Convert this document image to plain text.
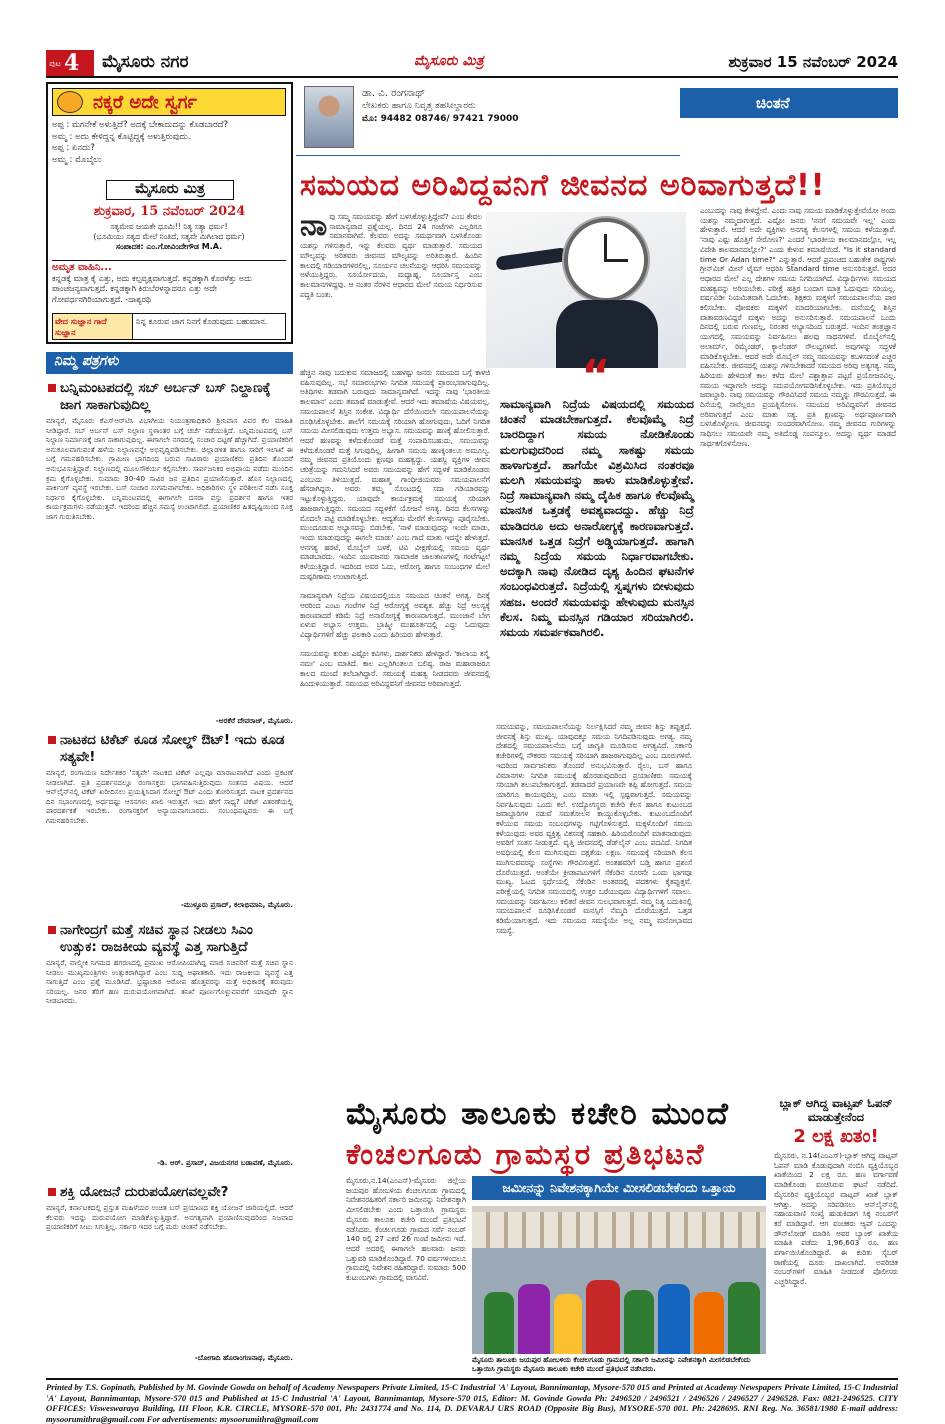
ಪುಟ 4 ಮೈಸೂರು ನಗರ	ಮೈಸೂರು ಮಿತ್ರ	ಶುಕ್ರವಾರ 15 ನವೆಂಬರ್ 2024
ನಕ್ಕರೆ ಅದೇ ಸ್ವರ್ಗ
ಅಪ್ಪ : ಮಗನೇಕೆ ಅಳುತ್ತಿದೆ? ಅದಕ್ಕೆ ಬೇಕಾದುದನ್ನು ಕೊಡಬಾರದೆ?
ಅಮ್ಮ : ಅದು ಕೇಳಿದ್ದನ್ನ ಕೊಟ್ಟಿದ್ದಕ್ಕೆ ಅಳುತ್ತಿರುವುದು.
ಅಪ್ಪ : ಏನದು?
ಅಮ್ಮ : ಮೊಬೈಲು
ಮೈಸೂರು ಮಿತ್ರ
ಶುಕ್ರವಾರ, 15 ನವೆಂಬರ್ 2024
ಸತ್ಯಮೇವ ಜಯತೇ ಧೂಮಿ!! ನಿತ್ಯ ಸತ್ಯಾ ಧರ್ಮ!
(ಭೂಮಿಯು ಸತ್ಯದ ಮೇಲೆ ನಿಂತಿದೆ, ಸತ್ಯವೇ ಮಿಗಿಲಾದ ಧರ್ಮ)
ಸಂಪಾದಕ: ಎಂ.ಗೋವಿಂದೇಗೌಡ M.A.
ಅಮೃತ ವಾಹಿನಿ...
ಕನ್ನಡಕ್ಕೆ ಮಾತ್ರ ಕೈ ಎತ್ತು, ಅದು ಕಲ್ಪವೃಕ್ಷವಾಗುತ್ತದೆ. ಕನ್ನಡಕ್ಕಾಗಿ ಕೊರಳೆತ್ತು ಅದು ಪಾಂಚಜನ್ಯವಾಗುತ್ತದೆ. ಕನ್ನಡಕ್ಕಾಗಿ ಕಿರುಬೆರಳನ್ನಾದರೂ ಎತ್ತು ಅದೇ ಗೋವರ್ಧನಗಿರಿಯಾಗುತ್ತದೆ. -ದಾಶ್ಯರಥಿ
ವೇದ ಸುಜ್ಞಾನ ಗಾದೆ ಸುಜ್ಞಾನ
ನಿನ್ನ ಕೂರುವ ಜಾಗ ನಿನಗೆ ಕೊಡುವುದು ಬಹುಮಾನ.
ನಿಮ್ಮ ಪತ್ರಗಳು
ಬನ್ನಿಮಂಟಪದಲ್ಲಿ ಸಬ್ ಅರ್ಬನ್ ಬಸ್ ನಿಲ್ದಾಣಕ್ಕೆ ಜಾಗ ಸಾಕಾಗುವುದಿಲ್ಲ
ಮಾನ್ಯರೆ, ಮೈಸೂರು ಕೆಎಸ್‌ಆರ್‌ಟಿಸಿ ವಿಭಾಗೀಯ ನಿಯಂತ್ರಣಾಧಿಕಾರಿ ಶ್ರೀನಿವಾಸ ವಿವರ ಕೆಲ ಮಾಹಿತಿ ನೀಡಿದ್ದಾರೆ. ಸಬ್ ಅರ್ಬನ್ ಬಸ್ ನಿಲ್ದಾಣ ಸ್ಥಳಾಂತರ ಬಗ್ಗೆ ಚರ್ಚೆ ನಡೆಯುತ್ತಿದೆ. ಬನ್ನಿಮಂಟಪದಲ್ಲಿ ಬಸ್ ನಿಲ್ದಾಣ ನಿರ್ಮಾಣಕ್ಕೆ ಜಾಗ ಸಾಕಾಗುವುದಿಲ್ಲ. ಈಗಾಗಲೇ ನಗರದಲ್ಲಿ ಸಂಚಾರ ದಟ್ಟಣೆ ಹೆಚ್ಚಾಗಿದೆ. ಪ್ರಯಾಣಿಕರಿಗೆ ಅನುಕೂಲವಾಗುವಂತೆ ಹಳೆಯ ನಿಲ್ದಾಣವನ್ನೇ ಅಭಿವೃದ್ಧಿಪಡಿಸಬೇಕು. ಜಿಲ್ಲಾಡಳಿತ ಹಾಗೂ ಸಾರಿಗೆ ಇಲಾಖೆ ಈ ಬಗ್ಗೆ ಗಮನಹರಿಸಬೇಕು. ಗ್ರಾಮೀಣ ಭಾಗದಿಂದ ಬರುವ ಸಾವಿರಾರು ಪ್ರಯಾಣಿಕರು ಪ್ರತಿದಿನ ತೊಂದರೆ ಅನುಭವಿಸುತ್ತಿದ್ದಾರೆ. ನಿಲ್ದಾಣದಲ್ಲಿ ಮೂಲಸೌಕರ್ಯ ಕಲ್ಪಿಸಬೇಕು. ಸಾರ್ವಜನಿಕರ ಅಭಿಪ್ರಾಯ ಪಡೆದು ಮುಂದಿನ ಕ್ರಮ ಕೈಗೊಳ್ಳಬೇಕು. ಸುಮಾರು 30-40 ಸಾವಿರ ಜನ ಪ್ರತಿದಿನ ಪ್ರಯಾಣಿಸುತ್ತಾರೆ. ಹೊಸ ನಿಲ್ದಾಣದಲ್ಲಿ ಪಾರ್ಕಿಂಗ್ ವ್ಯವಸ್ಥೆ ಇರಬೇಕು. ಬಸ್ ಸಂಚಾರ ಸುಗಮವಾಗಬೇಕು. ಅಧಿಕಾರಿಗಳು ಸ್ಥಳ ಪರಿಶೀಲನೆ ನಡೆಸಿ ಸೂಕ್ತ ನಿರ್ಧಾರ ಕೈಗೊಳ್ಳಬೇಕು. ಬನ್ನಿಮಂಟಪದಲ್ಲಿ ಈಗಾಗಲೇ ದಸರಾ ವಸ್ತು ಪ್ರದರ್ಶನ ಹಾಗೂ ಇತರ ಕಾರ್ಯಕ್ರಮಗಳು ನಡೆಯುತ್ತವೆ. ಇದರಿಂದ ಹೆಚ್ಚಿನ ಸಮಸ್ಯೆ ಉಂಟಾಗಲಿದೆ. ಪ್ರಯಾಣಿಕರ ಹಿತದೃಷ್ಟಿಯಿಂದ ಸೂಕ್ತ ಜಾಗ ಗುರುತಿಸಬೇಕು.
-ಅರಕೆರೆ ದೇವರಾಜ್, ಮೈಸೂರು.
ನಾಟಕದ ಟಿಕೆಟ್ ಕೂಡ ಸೋಲ್ಡ್ ಔಟ್! ಇದು ಕೂಡ ಸತ್ಯವೇ!
ಮಾನ್ಯರೆ, ರಂಗಾಯಣ ನಿರ್ದೇಶಕರ 'ಸತ್ಯವೇ' ನಾಟಕದ ಟಿಕೆಟ್ ಎಲ್ಲವೂ ಮಾರಾಟವಾಗಿದೆ ಎಂದು ಪ್ರಕಟಣೆ ನೀಡಲಾಗಿದೆ. ಪ್ರತಿ ಪ್ರದರ್ಶನದಲ್ಲೂ ರಂಗಾಸಕ್ತರು ಭಾಗವಹಿಸುತ್ತಿರುವುದು ಸಂತಸದ ವಿಷಯ. ಆದರೆ ಆನ್‌ಲೈನ್‌ನಲ್ಲಿ ಟಿಕೆಟ್ ಖರೀದಿಸಲು ಪ್ರಯತ್ನಿಸಿದಾಗ ಸೋಲ್ಡ್ ಔಟ್ ಎಂದು ತೋರಿಸುತ್ತದೆ. ನಾಟಕ ಪ್ರದರ್ಶನದ ದಿನ ಸಭಾಂಗಣದಲ್ಲಿ ಅರ್ಧದಷ್ಟು ಆಸನಗಳು ಖಾಲಿ ಇರುತ್ತವೆ. ಇದು ಹೇಗೆ ಸಾಧ್ಯ? ಟಿಕೆಟ್ ವಿತರಣೆಯಲ್ಲಿ ಪಾರದರ್ಶಕತೆ ಇರಬೇಕು. ರಂಗಾಸಕ್ತರಿಗೆ ಅನ್ಯಾಯವಾಗಬಾರದು. ಸಂಬಂಧಪಟ್ಟವರು ಈ ಬಗ್ಗೆ ಗಮನಹರಿಸಬೇಕು.
-ಮುಳ್ಳೂರು ಪ್ರಸಾದ್, ಕಲಾಭಿಮಾನಿ, ಮೈಸೂರು.
ನಾಗೇಂದ್ರಗೆ ಮತ್ತೆ ಸಚಿವ ಸ್ಥಾನ ನೀಡಲು ಸಿಎಂ ಉತ್ಸುಕ: ರಾಜಕೀಯ ವ್ಯವಸ್ಥೆ ಎತ್ತ ಸಾಗುತ್ತಿದೆ
ಮಾನ್ಯರೆ, ವಾಲ್ಮೀಕಿ ನಿಗಮದ ಹಗರಣದಲ್ಲಿ ಪ್ರಮುಖ ಆರೋಪಿಯಾಗಿದ್ದ ಮಾಜಿ ಸಚಿವರಿಗೆ ಮತ್ತೆ ಸಚಿವ ಸ್ಥಾನ ನೀಡಲು ಮುಖ್ಯಮಂತ್ರಿಗಳು ಉತ್ಸುಕರಾಗಿದ್ದಾರೆ ಎಂಬ ಸುದ್ದಿ ಆಘಾತಕಾರಿ. ಇದು ರಾಜಕೀಯ ವ್ಯವಸ್ಥೆ ಎತ್ತ ಸಾಗುತ್ತಿದೆ ಎಂಬ ಪ್ರಶ್ನೆ ಮೂಡಿಸಿದೆ. ಭ್ರಷ್ಟಾಚಾರ ಆರೋಪ ಹೊತ್ತವರನ್ನು ಮತ್ತೆ ಅಧಿಕಾರಕ್ಕೆ ತರುವುದು ಸರಿಯಲ್ಲ. ಜನರ ತೆರಿಗೆ ಹಣ ದುರುಪಯೋಗವಾಗಿದೆ. ತನಿಖೆ ಪೂರ್ಣಗೊಳ್ಳುವವರೆಗೆ ಯಾವುದೇ ಸ್ಥಾನ ನೀಡಬಾರದು.
-ಡಿ. ಆರ್. ಪ್ರಸಾದ್, ವಿಜಯನಗರ ಬಡಾವಣೆ, ಮೈಸೂರು.
ಶಕ್ತಿ ಯೋಜನೆ ದುರುಪಯೋಗವಲ್ಲವೇ?
ಮಾನ್ಯರೆ, ಕರ್ನಾಟಕದಲ್ಲಿ ಪ್ರಸ್ತುತ ಮಹಿಳೆಯರ ಉಚಿತ ಬಸ್ ಪ್ರಯಾಣದ ಶಕ್ತಿ ಯೋಜನೆ ಜಾರಿಯಲ್ಲಿದೆ. ಆದರೆ ಕೆಲವರು ಇದನ್ನು ದುರುಪಯೋಗ ಮಾಡಿಕೊಳ್ಳುತ್ತಿದ್ದಾರೆ. ಅನಗತ್ಯವಾಗಿ ಪ್ರಯಾಣಿಸುವುದರಿಂದ ನಿಜವಾದ ಪ್ರಯಾಣಿಕರಿಗೆ ಸೀಟು ಸಿಗುತ್ತಿಲ್ಲ. ಸರ್ಕಾರ ಇದರ ಬಗ್ಗೆ ಮರು ಚಿಂತನೆ ನಡೆಸಬೇಕು.
-ಬೋಗಾದಿ ಹೊರಾಂಗಣನಾಥ, ಮೈಸೂರು.
ಡಾ. ವಿ. ರಂಗನಾಥ್
ಲೇಖಕರು ಹಾಗೂ ನಿವೃತ್ತ ತಹಸೀಲ್ದಾರರು
ಮೊ: 94482 08746/ 97421 79000
ಚಿಂತನೆ
ಸಮಯದ ಅರಿವಿದ್ದವನಿಗೆ ಜೀವನದ ಅರಿವಾಗುತ್ತದೆ!!
ನಾವು ಸಮ್ಮ ಸಮಯವನ್ನು ಹೇಗೆ ಬಳಸಿಕೊಳ್ಳುತ್ತಿದ್ದೇವೆ? ಎಂಬ ಕೇವಲ ಸಾಮಾನ್ಯವಾದ ಪ್ರಶ್ನೆಯಲ್ಲ. ದಿನದ 24 ಗಂಟೆಗಳು ಎಲ್ಲರಿಗೂ ಸಮಾನವಾಗಿವೆ. ಕೆಲವರು ಅದನ್ನು ಸಮರ್ಥವಾಗಿ ಬಳಸಿಕೊಂಡು ಯಶಸ್ಸು ಗಳಿಸುತ್ತಾರೆ, ಇನ್ನು ಕೆಲವರು ವ್ಯರ್ಥ ಮಾಡುತ್ತಾರೆ. ಸಮಯದ ಮೌಲ್ಯವನ್ನು ಅರಿತವರು ಜೀವನದ ಮೌಲ್ಯವನ್ನು ಅರಿತಿರುತ್ತಾರೆ. ಹಿಂದಿನ ಕಾಲದಲ್ಲಿ ಗಡಿಯಾರಗಳಿರಲಿಲ್ಲ, ಸೂರ್ಯನ ಚಲನೆಯನ್ನು ಆಧರಿಸಿ ಸಮಯವನ್ನು ಅಳೆಯುತ್ತಿದ್ದರು. ಸೂರ್ಯೋದಯ, ಮಧ್ಯಾಹ್ನ, ಸೂರ್ಯಾಸ್ತ ಎಂಬ ಕಾಲಮಾನಗಳಿದ್ದವು. ಆ ನಂತರ ನೆರಳಿನ ಆಧಾರದ ಮೇಲೆ ಸಮಯ ನಿರ್ಧರಿಸುವ ಪದ್ಧತಿ ಬಂತು.
ಹೆಚ್ಚಿನ ನಾವು ಬದುಕುವ ಸಮಾಜದಲ್ಲಿ ಬಹಳಷ್ಟು ಜನರು ಸಮಯದ ಬಗ್ಗೆ ಕಾಳಜಿ ವಹಿಸುವುದಿಲ್ಲ. ಸಭೆ ಸಮಾರಂಭಗಳು ನಿಗದಿತ ಸಮಯಕ್ಕೆ ಪ್ರಾರಂಭವಾಗುವುದಿಲ್ಲ. ಅತಿಥಿಗಳು ತಡವಾಗಿ ಬರುವುದು ಸಾಮಾನ್ಯವಾಗಿದೆ. ಇದನ್ನು ನಾವು 'ಭಾರತೀಯ ಕಾಲಮಾನ' ಎಂದು ತಮಾಷೆ ಮಾಡುತ್ತೇವೆ. ಆದರೆ ಇದು ತಮಾಷೆಯ ವಿಷಯವಲ್ಲ. ಸಮಯಪಾಲನೆ ಶಿಸ್ತಿನ ಸಂಕೇತ. ವಿದ್ಯಾರ್ಥಿ ದೆಸೆಯಿಂದಲೇ ಸಮಯಪಾಲನೆಯನ್ನು ರೂಢಿಸಿಕೊಳ್ಳಬೇಕು. ಶಾಲೆಗೆ ಸಮಯಕ್ಕೆ ಸರಿಯಾಗಿ ಹೋಗುವುದು, ಓದಿಗೆ ನಿಗದಿತ ಸಮಯ ಮೀಸಲಿಡುವುದು ಉತ್ತಮ ಅಭ್ಯಾಸ. ಸಮಯವನ್ನು ಹಣಕ್ಕೆ ಹೋಲಿಸುತ್ತಾರೆ. ಆದರೆ ಹಣವನ್ನು ಕಳೆದುಕೊಂಡರೆ ಮತ್ತೆ ಸಂಪಾದಿಸಬಹುದು, ಸಮಯವನ್ನು ಕಳೆದುಕೊಂಡರೆ ಮತ್ತೆ ಸಿಗುವುದಿಲ್ಲ. ಹೀಗಾಗಿ ಸಮಯ ಹಣಕ್ಕಿಂತಲೂ ಅಮೂಲ್ಯ. ನಮ್ಮ ಜೀವನದ ಪ್ರತಿಯೊಂದು ಕ್ಷಣವೂ ಮಹತ್ವದ್ದು. ಯಶಸ್ವಿ ವ್ಯಕ್ತಿಗಳ ಜೀವನ ಚರಿತ್ರೆಯನ್ನು ಗಮನಿಸಿದರೆ ಅವರು ಸಮಯವನ್ನು ಹೇಗೆ ಸದ್ಬಳಕೆ ಮಾಡಿಕೊಂಡರು ಎಂಬುದು ತಿಳಿಯುತ್ತದೆ. ಮಹಾತ್ಮ ಗಾಂಧೀಜಿಯವರು ಸಮಯಪಾಲನೆಗೆ ಹೆಸರಾಗಿದ್ದರು. ಅವರು ತಮ್ಮ ಸೊಂಟದಲ್ಲಿ ಸದಾ ಗಡಿಯಾರವನ್ನು ಇಟ್ಟುಕೊಳ್ಳುತ್ತಿದ್ದರು. ಯಾವುದೇ ಕಾರ್ಯಕ್ರಮಕ್ಕೆ ಸಮಯಕ್ಕೆ ಸರಿಯಾಗಿ ಹಾಜರಾಗುತ್ತಿದ್ದರು. ಸಮಯದ ಸದ್ಬಳಕೆಗೆ ಯೋಜನೆ ಅಗತ್ಯ. ದಿನದ ಕೆಲಸಗಳನ್ನು ಮೊದಲೇ ಪಟ್ಟಿ ಮಾಡಿಕೊಳ್ಳಬೇಕು. ಆದ್ಯತೆಯ ಮೇರೆಗೆ ಕೆಲಸಗಳನ್ನು ಪೂರೈಸಬೇಕು. ಮುಂದೂಡುವ ಅಭ್ಯಾಸವನ್ನು ಬಿಡಬೇಕು. 'ನಾಳೆ ಮಾಡುವುದನ್ನು ಇಂದೇ ಮಾಡು, ಇಂದು ಮಾಡುವುದನ್ನು ಈಗಲೇ ಮಾಡು' ಎಂಬ ಗಾದೆ ಮಾತು ಇದನ್ನೇ ಹೇಳುತ್ತದೆ. ಅನಗತ್ಯ ಹರಟೆ, ಮೊಬೈಲ್ ಬಳಕೆ, ಟಿವಿ ವೀಕ್ಷಣೆಯಲ್ಲಿ ಸಮಯ ವ್ಯರ್ಥ ಮಾಡಬಾರದು. ಇಂದಿನ ಯುವಜನರು ಸಾಮಾಜಿಕ ಜಾಲತಾಣಗಳಲ್ಲಿ ಗಂಟೆಗಟ್ಟಲೆ ಕಳೆಯುತ್ತಿದ್ದಾರೆ. ಇದರಿಂದ ಅವರ ಓದು, ಆರೋಗ್ಯ ಹಾಗೂ ಸಂಬಂಧಗಳ ಮೇಲೆ ದುಷ್ಪರಿಣಾಮ ಉಂಟಾಗುತ್ತಿದೆ.

ಸಾಮಾನ್ಯವಾಗಿ ನಿದ್ರೆಯ ವಿಷಯದಲ್ಲಿಯೂ ಸಮಯದ ಚಿಂತನೆ ಅಗತ್ಯ. ದಿನಕ್ಕೆ ಆರರಿಂದ ಎಂಟು ಗಂಟೆಗಳ ನಿದ್ರೆ ಆರೋಗ್ಯಕ್ಕೆ ಅವಶ್ಯಕ. ಹೆಚ್ಚು ನಿದ್ರೆ ಆಲಸ್ಯಕ್ಕೆ ಕಾರಣವಾದರೆ ಕಡಿಮೆ ನಿದ್ರೆ ಅನಾರೋಗ್ಯಕ್ಕೆ ಕಾರಣವಾಗುತ್ತದೆ. ಮುಂಜಾನೆ ಬೇಗ ಏಳುವ ಅಭ್ಯಾಸ ಉತ್ತಮ. ಬ್ರಾಹ್ಮೀ ಮುಹೂರ್ತದಲ್ಲಿ ಎದ್ದು ಓದುವುದು ವಿದ್ಯಾರ್ಥಿಗಳಿಗೆ ಹೆಚ್ಚು ಫಲಕಾರಿ ಎಂದು ಹಿರಿಯರು ಹೇಳುತ್ತಾರೆ.

ಸಮಯವನ್ನು ಕುರಿತು ಎಷ್ಟೋ ಕವಿಗಳು, ದಾರ್ಶನಿಕರು ಹೇಳಿದ್ದಾರೆ. 'ಕಾಲಾಯ ತಸ್ಮೈ ನಮಃ' ಎಂಬ ಮಾತಿದೆ. ಕಾಲ ಎಲ್ಲರಿಗಿಂತಲೂ ಬಲಿಷ್ಠ. ರಾಜ ಮಹಾರಾಜರೂ ಕಾಲದ ಮುಂದೆ ತಲೆಬಾಗಿದ್ದಾರೆ. ಸಮಯಕ್ಕೆ ಮಹತ್ವ ನೀಡದವರು ಜೀವನದಲ್ಲಿ ಹಿಂದುಳಿಯುತ್ತಾರೆ. ಸಮಯದ ಅರಿವಿದ್ದವನಿಗೆ ಜೀವನದ ಅರಿವಾಗುತ್ತದೆ.
“
ಸಾಮಾನ್ಯವಾಗಿ ನಿದ್ರೆಯ ವಿಷಯದಲ್ಲಿ ಸಮಯದ ಚಿಂತನೆ ಮಾಡಬೇಕಾಗುತ್ತದೆ. ಕೆಲವೊಮ್ಮೆ ನಿದ್ರೆ ಬಾರದಿದ್ದಾಗ ಸಮಯ ನೋಡಿಕೊಂಡು ಮಲಗುವುದರಿಂದ ನಮ್ಮ ಸಾಕಷ್ಟು ಸಮಯ ಹಾಳಾಗುತ್ತದೆ. ಹಾಗೆಯೇ ವಿಶ್ರಮಿಸಿದ ನಂತರವೂ ಮಲಗಿ ಸಮಯವನ್ನು ಹಾಳು ಮಾಡಿಕೊಳ್ಳುತ್ತೇವೆ. ನಿದ್ರೆ ಸಾಮಾನ್ಯವಾಗಿ ನಮ್ಮ ದೈಹಿಕ ಹಾಗೂ ಕೆಲವೊಮ್ಮೆ ಮಾನಸಿಕ ಒತ್ತಡಕ್ಕೆ ಅವಶ್ಯವಾದದ್ದು. ಹೆಚ್ಚು ನಿದ್ರೆ ಮಾಡಿದರೂ ಅದು ಅನಾರೋಗ್ಯಕ್ಕೆ ಕಾರಣವಾಗುತ್ತದೆ. ಮಾನಸಿಕ ಒತ್ತಡ ನಿದ್ರೆಗೆ ಅಡ್ಡಿಯಾಗುತ್ತದೆ. ಹಾಗಾಗಿ ನಮ್ಮ ನಿದ್ರೆಯ ಸಮಯ ನಿರ್ಧಾರವಾಗಬೇಕು. ಅದಕ್ಕಾಗಿ ನಾವು ನೋಡಿದ ದೃಶ್ಯ ಹಿಂದಿನ ಘಟನೆಗಳ ಸಂಬಂಧವಿರುತ್ತದೆ. ನಿದ್ರೆಯಲ್ಲಿ ಸ್ವಪ್ನಗಳು ಬೀಳುವುದು ಸಹಜ. ಅಂದರೆ ಸಮಯವನ್ನು ಹೇಳುವುದು ಮನಸ್ಸಿನ ಕೆಲಸ. ನಿಮ್ಮ ಮನಸ್ಸಿನ ಗಡಿಯಾರ ಸರಿಯಾಗಿರಲಿ. ಸಮಯ ಸಮರ್ಪಕವಾಗಿರಲಿ.
ಸಮಯವನ್ನು, ಸಮಯಪಾಲನೆಯನ್ನು ನಿರ್ಲಕ್ಷಿಸಿದರೆ ನಮ್ಮ ಜೀವನ ಶಿಸ್ತು ತಪ್ಪುತ್ತದೆ. ಜೀವನಕ್ಕೆ ಶಿಸ್ತು ಮುಖ್ಯ. ಯಾವುದಕ್ಕೂ ಸಮಯ ನಿಗದಿಪಡಿಸುವುದು ಅಗತ್ಯ. ನಮ್ಮ ದೇಶದಲ್ಲಿ ಸಮಯಪಾಲನೆಯ ಬಗ್ಗೆ ಜಾಗೃತಿ ಮೂಡಿಸುವ ಅಗತ್ಯವಿದೆ. ಸರ್ಕಾರಿ ಕಚೇರಿಗಳಲ್ಲಿ ನೌಕರರು ಸಮಯಕ್ಕೆ ಸರಿಯಾಗಿ ಹಾಜರಾಗುವುದಿಲ್ಲ ಎಂಬ ದೂರುಗಳಿವೆ. ಇದರಿಂದ ಸಾರ್ವಜನಿಕರು ತೊಂದರೆ ಅನುಭವಿಸುತ್ತಾರೆ. ರೈಲು, ಬಸ್ ಹಾಗೂ ವಿಮಾನಗಳು ನಿಗದಿತ ಸಮಯಕ್ಕೆ ಹೊರಡುವುದರಿಂದ ಪ್ರಯಾಣಿಕರು ಸಮಯಕ್ಕೆ ಸರಿಯಾಗಿ ತಲುಪಬೇಕಾಗುತ್ತದೆ. ತಡವಾದರೆ ಪ್ರಯಾಣವೇ ತಪ್ಪಿ ಹೋಗುತ್ತದೆ. ಸಮಯ ಯಾರಿಗೂ ಕಾಯುವುದಿಲ್ಲ ಎಂಬ ಮಾತು ಇಲ್ಲಿ ಸ್ಪಷ್ಟವಾಗುತ್ತದೆ. ಸಮಯವನ್ನು ನಿರ್ವಹಿಸುವುದು ಒಂದು ಕಲೆ. ಉದ್ಯೋಗಸ್ಥರು ಕಚೇರಿ ಕೆಲಸ ಹಾಗೂ ಕುಟುಂಬದ ಜವಾಬ್ದಾರಿಗಳ ನಡುವೆ ಸಮತೋಲನ ಕಾಯ್ದುಕೊಳ್ಳಬೇಕು. ಕುಟುಂಬದೊಂದಿಗೆ ಕಳೆಯುವ ಸಮಯ ಸಂಬಂಧಗಳನ್ನು ಗಟ್ಟಿಗೊಳಿಸುತ್ತದೆ. ಮಕ್ಕಳೊಂದಿಗೆ ಸಮಯ ಕಳೆಯುವುದು ಅವರ ವ್ಯಕ್ತಿತ್ವ ವಿಕಸನಕ್ಕೆ ಸಹಕಾರಿ. ಹಿರಿಯರೊಂದಿಗೆ ಮಾತನಾಡುವುದು ಅವರಿಗೆ ಸಂತಸ ನೀಡುತ್ತದೆ. ವೃತ್ತಿ ಜೀವನದಲ್ಲಿ ಡೆಡ್‌ಲೈನ್ ಎಂಬ ಪದವಿದೆ. ನಿಗದಿತ ಅವಧಿಯಲ್ಲಿ ಕೆಲಸ ಮುಗಿಸುವುದು ದಕ್ಷತೆಯ ಲಕ್ಷಣ. ಸಮಯಕ್ಕೆ ಸರಿಯಾಗಿ ಕೆಲಸ ಮುಗಿಸುವವರನ್ನು ಸಂಸ್ಥೆಗಳು ಗೌರವಿಸುತ್ತವೆ. ಅಂತಹವರಿಗೆ ಬಡ್ತಿ ಹಾಗೂ ಪ್ರಶಂಸೆ ದೊರೆಯುತ್ತದೆ. ಅಂತೆಯೇ ಕ್ರೀಡಾಪಟುಗಳಿಗೆ ಸೆಕೆಂಡಿನ ನೂರನೇ ಒಂದು ಭಾಗವೂ ಮುಖ್ಯ. ಓಟದ ಸ್ಪರ್ಧೆಯಲ್ಲಿ ಸೆಕೆಂಡಿನ ಅಂತರದಲ್ಲಿ ಪದಕಗಳು ಕೈತಪ್ಪುತ್ತವೆ. ಪರೀಕ್ಷೆಯಲ್ಲಿ ನಿಗದಿತ ಸಮಯದಲ್ಲಿ ಉತ್ತರ ಬರೆಯುವುದು ವಿದ್ಯಾರ್ಥಿಗಳಿಗೆ ಸವಾಲು. ಸಮಯವನ್ನು ನಿರ್ವಹಿಸಲು ಕಲಿತರೆ ಜೀವನ ಸುಲಭವಾಗುತ್ತದೆ. ನಮ್ಮ ನಿತ್ಯ ಬದುಕಿನಲ್ಲಿ ಸಮಯಪಾಲನೆ ರೂಢಿಸಿಕೊಂಡರೆ ಮನಸ್ಸಿಗೆ ನೆಮ್ಮದಿ ದೊರೆಯುತ್ತದೆ. ಒತ್ತಡ ಕಡಿಮೆಯಾಗುತ್ತದೆ. ಇದು ಸಮಯದ ಸಮಸ್ಯೆಯೇ ಅಲ್ಲ ನಮ್ಮ ಮನೋಭಾವದ ಸಮಸ್ಯೆ.
ಎಂಬುದನ್ನು ನಾವು ಕೇಳಿದ್ದೇವೆ. ಎಂದು ನಾವು ಸಮಯ ಮಾಡಿಕೊಳ್ಳುತ್ತೇವೆಯೋ ಅಂದು ಯಶಸ್ಸು ನಮ್ಮದಾಗುತ್ತದೆ. ಎಷ್ಟೋ ಜನರು 'ನನಗೆ ಸಮಯವೇ ಇಲ್ಲ' ಎಂದು ಹೇಳುತ್ತಾರೆ. ಆದರೆ ಅದೇ ವ್ಯಕ್ತಿಗಳು ಅನಗತ್ಯ ಕೆಲಸಗಳಲ್ಲಿ ಸಮಯ ಕಳೆಯುತ್ತಾರೆ. 'ನಾವು ಎಷ್ಟು ಹೊತ್ತಿಗೆ ಸೇರೋಣ?' ಎಂದರೆ 'ಭಾರತೀಯ ಕಾಲಮಾನದಲ್ಲೋ, ಇಲ್ಲ ವಿದೇಶಿ ಕಾಲಮಾನದಲ್ಲೋ?' ಎಂದು ಕೇಳುವ ತಮಾಷೆಯಿದೆ. "Is it standard time Or Adan time?" ಎನ್ನುತ್ತಾರೆ. ಆದರೆ ಪ್ರಪಂಚದ ಬಹುತೇಕ ರಾಷ್ಟ್ರಗಳು ಗ್ರೀನ್‌ವಿಚ್ ಮೀನ್ ಟೈಮ್ ಆಧರಿಸಿ Standard time ಅನುಸರಿಸುತ್ತವೆ. ಅದರ ಆಧಾರದ ಮೇಲೆ ಎಲ್ಲ ದೇಶಗಳ ಸಮಯ ನಿಗದಿಯಾಗಿದೆ. ವಿದ್ಯಾರ್ಥಿಗಳು ಸಮಯದ ಮಹತ್ವವನ್ನು ಅರಿಯಬೇಕು. ಪರೀಕ್ಷೆ ಹತ್ತಿರ ಬಂದಾಗ ಮಾತ್ರ ಓದುವುದು ಸರಿಯಲ್ಲ. ವರ್ಷವಿಡೀ ನಿಯಮಿತವಾಗಿ ಓದಬೇಕು. ಶಿಕ್ಷಕರು ಮಕ್ಕಳಿಗೆ ಸಮಯಪಾಲನೆಯ ಪಾಠ ಕಲಿಸಬೇಕು. ಪೋಷಕರು ಮಕ್ಕಳಿಗೆ ಮಾದರಿಯಾಗಬೇಕು. ಮನೆಯಲ್ಲಿ ಶಿಸ್ತಿನ ವಾತಾವರಣವಿದ್ದರೆ ಮಕ್ಕಳು ಅದನ್ನು ಅನುಸರಿಸುತ್ತಾರೆ. ಸಮಯಪಾಲನೆ ಒಂದು ದಿನದಲ್ಲಿ ಬರುವ ಗುಣವಲ್ಲ, ನಿರಂತರ ಅಭ್ಯಾಸದಿಂದ ಬರುತ್ತದೆ. ಇಂದಿನ ತಂತ್ರಜ್ಞಾನ ಯುಗದಲ್ಲಿ ಸಮಯವನ್ನು ನಿರ್ವಹಿಸಲು ಹಲವು ಸಾಧನಗಳಿವೆ. ಮೊಬೈಲ್‌ನಲ್ಲಿ ಅಲಾರ್ಮ್, ರಿಮೈಂಡರ್, ಕ್ಯಾಲೆಂಡರ್ ಸೌಲಭ್ಯಗಳಿವೆ. ಅವುಗಳನ್ನು ಸದ್ಬಳಕೆ ಮಾಡಿಕೊಳ್ಳಬೇಕು. ಆದರೆ ಅದೇ ಮೊಬೈಲ್ ನಮ್ಮ ಸಮಯವನ್ನು ಕಬಳಿಸದಂತೆ ಎಚ್ಚರ ವಹಿಸಬೇಕು. ಜೀವನದಲ್ಲಿ ಯಶಸ್ಸು ಗಳಿಸಬೇಕಾದರೆ ಸಮಯದ ಅರಿವು ಅತ್ಯಗತ್ಯ. ನಮ್ಮ ಹಿರಿಯರು ಹೇಳಿದಂತೆ ಕಾಲ ಕಳೆದ ಮೇಲೆ ಪಶ್ಚಾತ್ತಾಪ ಪಟ್ಟರೆ ಪ್ರಯೋಜನವಿಲ್ಲ. ಸಮಯ ಇದ್ದಾಗಲೇ ಅದನ್ನು ಸದುಪಯೋಗಪಡಿಸಿಕೊಳ್ಳಬೇಕು. ಇದು ಪ್ರತಿಯೊಬ್ಬರ ಜವಾಬ್ದಾರಿ. ನಾವು ಸಮಯವನ್ನು ಗೌರವಿಸಿದರೆ ಸಮಯ ನಮ್ಮನ್ನು ಗೌರವಿಸುತ್ತದೆ. ಈ ದಿಸೆಯಲ್ಲಿ ನಾವೆಲ್ಲರೂ ಪ್ರಯತ್ನಿಸೋಣ. ಸಮಯದ ಅರಿವಿದ್ದವನಿಗೆ ಜೀವನದ ಅರಿವಾಗುತ್ತದೆ ಎಂಬ ಮಾತು ಸತ್ಯ. ಪ್ರತಿ ಕ್ಷಣವನ್ನು ಅರ್ಥಪೂರ್ಣವಾಗಿ ಬಳಸಿಕೊಳ್ಳೋಣ. ಜೀವನವನ್ನು ಸುಂದರವಾಗಿಸೋಣ. ನಮ್ಮ ಜೀವನದ ಗುರಿಗಳನ್ನು ಸಾಧಿಸಲು ಸಮಯವೇ ನಮ್ಮ ಅತಿದೊಡ್ಡ ಸಂಪನ್ಮೂಲ. ಅದನ್ನು ವ್ಯರ್ಥ ಮಾಡದೆ ಸಾರ್ಥಕಗೊಳಿಸೋಣ.
ಮೈಸೂರು ತಾಲೂಕು ಕಚೇರಿ ಮುಂದೆ
ಕೆಂಚಲಗೂಡು ಗ್ರಾಮಸ್ಥರ ಪ್ರತಿಭಟನೆ
ಮೈಸೂರು,ನ.14(ಎಂಎಸ್)-ಮೈಸೂರು ಜಿಲ್ಲೆಯ ಜಯಪುರ ಹೋಬಳಿಯ ಕೆಂಚಲಗೂಡು ಗ್ರಾಮದಲ್ಲಿ ನಿವೇಶನರಹಿತರಿಗೆ ಸರ್ಕಾರಿ ಜಮೀನನ್ನು ನಿವೇಶನಕ್ಕಾಗಿ ಮೀಸಲಿಡಬೇಕು ಎಂದು ಒತ್ತಾಯಿಸಿ ಗ್ರಾಮಸ್ಥರು ಮೈಸೂರು ತಾಲೂಕು ಕಚೇರಿ ಮುಂದೆ ಪ್ರತಿಭಟನೆ ನಡೆಸಿದರು. ಕೆಂಚಲಗೂಡು ಗ್ರಾಮದ ಸರ್ವೆ ನಂಬರ್ 140 ರಲ್ಲಿ 27 ಎಕರೆ 26 ಗುಂಟೆ ಜಮೀನು ಇದೆ. ಆದರೆ ಅದರಲ್ಲಿ ಈಗಾಗಲೇ ಹಲವಾರು ಜನರು ಒತ್ತುವರಿ ಮಾಡಿಕೊಂಡಿದ್ದಾರೆ. 70 ವರ್ಷಗಳಿಂದಲೂ ಗ್ರಾಮದಲ್ಲಿ ನಿವೇಶನ ರಹಿತರಿದ್ದಾರೆ. ಸುಮಾರು 500 ಕುಟುಂಬಗಳು ಗ್ರಾಮದಲ್ಲಿ ವಾಸವಿವೆ.
ಜಮೀನನ್ನು ನಿವೇಶನಕ್ಕಾಗಿಯೇ ಮೀಸಲಿಡಬೇಕೆಂದು ಒತ್ತಾಯ
ಮೈಸೂರು ತಾಲೂಕು ಜಯಪುರ ಹೋಬಳಿಯ ಕೆಂಚಲಗೂಡು ಗ್ರಾಮದಲ್ಲಿ ಸರ್ಕಾರಿ ಜಮೀನನ್ನು ನಿವೇಶನಕ್ಕಾಗಿ ಮೀಸಲಿಡಬೇಕೆಂದು ಒತ್ತಾಯಿಸಿ ಗ್ರಾಮಸ್ಥರು ಮೈಸೂರು ತಾಲೂಕು ಕಚೇರಿ ಮುಂದೆ ಪ್ರತಿಭಟನೆ ನಡೆಸಿದರು.
ಬ್ಲಾಕ್ ಆಗಿದ್ದ ವಾಟ್ಸಪ್ ಓಪನ್ ಮಾಡುತ್ತೇನೆಂದ
2 ಲಕ್ಷ ಖತಂ!
ಮೈಸೂರು, ನ.14(ಎಂಎಸ್)-ಬ್ಲಾಕ್ ಆಗಿದ್ದ ವಾಟ್ಸಪ್ ಓಪನ್ ಮಾಡಿ ಕೊಡುವುದಾಗಿ ನಂಬಿಸಿ ವ್ಯಕ್ತಿಯೊಬ್ಬರ ಖಾತೆಯಿಂದ 2 ಲಕ್ಷ ರೂ. ಹಣ ವರ್ಗಾವಣೆ ಮಾಡಿಕೊಂಡು ವಂಚಿಸಿರುವ ಘಟನೆ ನಡೆದಿದೆ. ಮೈಸೂರಿನ ವ್ಯಕ್ತಿಯೊಬ್ಬರ ವಾಟ್ಸಪ್ ಖಾತೆ ಬ್ಲಾಕ್ ಆಗಿತ್ತು. ಅದನ್ನು ಸರಿಪಡಿಸಲು ಆನ್‌ಲೈನ್‌ನಲ್ಲಿ ಸಹಾಯವಾಣಿ ಸಂಖ್ಯೆ ಹುಡುಕಿದಾಗ ಸಿಕ್ಕ ನಂಬರ್‌ಗೆ ಕರೆ ಮಾಡಿದ್ದಾರೆ. ಆಗ ವಂಚಕರು ಆ್ಯಪ್ ಒಂದನ್ನು ಡೌನ್‌ಲೋಡ್ ಮಾಡಿಸಿ ಅವರ ಬ್ಯಾಂಕ್ ಖಾತೆಯ ಮಾಹಿತಿ ಪಡೆದು 1,96,603 ರೂ. ಹಣ ವರ್ಗಾಯಿಸಿಕೊಂಡಿದ್ದಾರೆ. ಈ ಕುರಿತು ಸೈಬರ್ ಠಾಣೆಯಲ್ಲಿ ದೂರು ದಾಖಲಾಗಿದೆ. ಅಪರಿಚಿತ ನಂಬರ್‌ಗಳಿಗೆ ಮಾಹಿತಿ ನೀಡದಂತೆ ಪೊಲೀಸರು ಎಚ್ಚರಿಸಿದ್ದಾರೆ.
Printed by T.S. Gopinath, Published by M. Govinde Gowda on behalf of Academy Newspapers Private Limited, 15-C Industrial 'A' Layout, Bannimantap, Mysore-570 015 and Printed at Academy Newspapers Private Limited, 15-C Industrial 'A' Layout, Bannimantap, Mysore-570 015 and Published at 15-C Industrial 'A' Layout, Bannimantap, Mysore-570 015, Editor: M. Govinde Gowda Ph: 2496520 / 2496521 / 2496526 / 2496527 / 2496528. Fax: 0821-2496525. CITY OFFICES: Visweswaraya Building, III Floor, K.R. CIRCLE, MYSORE-570 001, Ph: 2431774 and No. 114, D. DEVARAJ URS ROAD (Opposite Big Bus), MYSORE-570 001. Ph: 2428695. RNI Reg. No. 36581/1980 E-mail address: mysoorumithra@gmail.com For advertisements: mysoorumithra@gmail.com
